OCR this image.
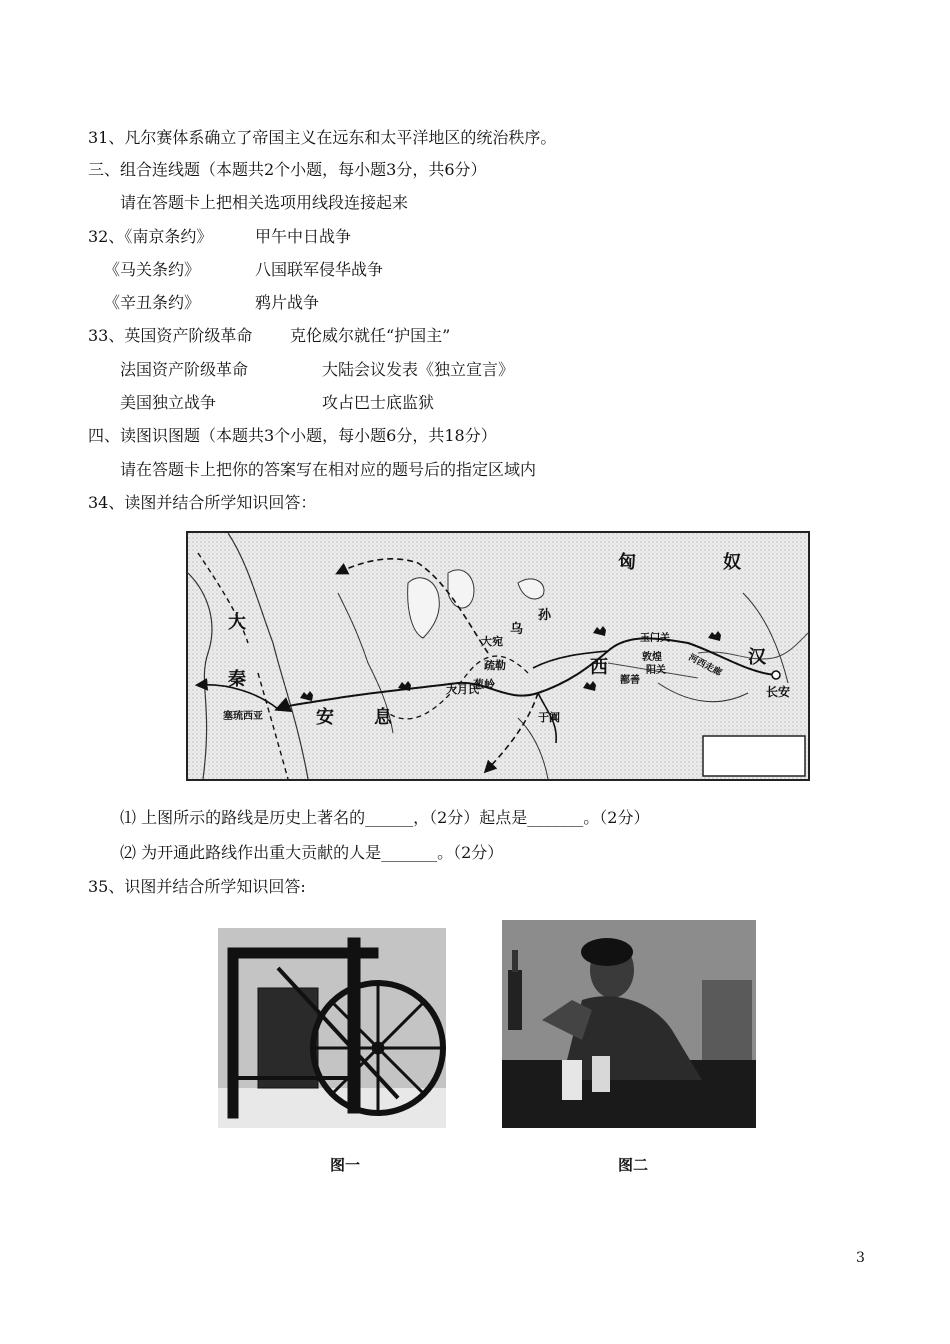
31、凡尔赛体系确立了帝国主义在远东和太平洋地区的统治秩序。
三、组合连线题（本题共2个小题，每小题3分，共6分）
请在答题卡上把相关选项用线段连接起来
32、《南京条约》	甲午中日战争
《马关条约》	八国联军侵华战争
《辛丑条约》	鸦片战争
33、英国资产阶级革命 克伦威尔就任“护国主”
法国资产阶级革命	大陆会议发表《独立宣言》
美国独立战争	攻占巴士底监狱
四、读图识图题（本题共3个小题，每小题6分，共18分）
请在答题卡上把你的答案写在相对应的题号后的指定区域内
34、读图并结合所学知识回答：
匈	奴
大
秦
乌
孙
大宛
疏勒	西
玉门关
敦煌
阳关
鄯善
河西走廊 汉
长安
大月氏
葱岭
于阗
安 息
塞琉西亚
⑴ 上图所示的路线是历史上著名的______，（2分）起点是_______。（2分）
⑵ 为开通此路线作出重大贡献的人是_______。（2分）
35、识图并结合所学知识回答:
图一	图二
3
